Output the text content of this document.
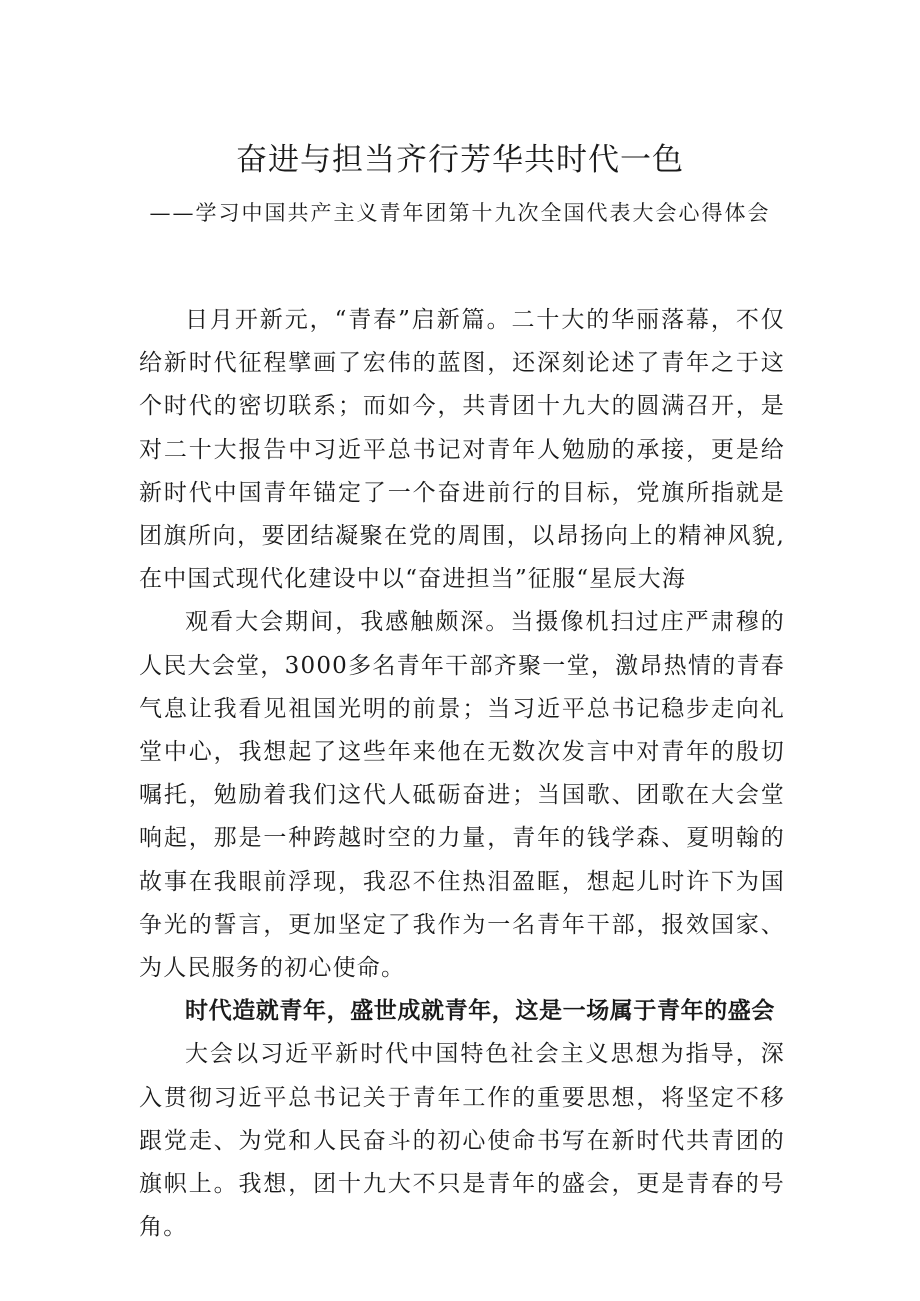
奋进与担当齐行芳华共时代一色
——学习中国共产主义青年团第十九次全国代表大会心得体会

日月开新元，“青春”启新篇。二十大的华丽落幕，不仅给新时代征程擘画了宏伟的蓝图，还深刻论述了青年之于这个时代的密切联系；而如今，共青团十九大的圆满召开，是对二十大报告中习近平总书记对青年人勉励的承接，更是给新时代中国青年锚定了一个奋进前行的目标，党旗所指就是团旗所向，要团结凝聚在党的周围，以昂扬向上的精神风貌,在中国式现代化建设中以“奋进担当”征服“星辰大海

观看大会期间，我感触颇深。当摄像机扫过庄严肃穆的人民大会堂，3000多名青年干部齐聚一堂，激昂热情的青春气息让我看见祖国光明的前景；当习近平总书记稳步走向礼堂中心，我想起了这些年来他在无数次发言中对青年的殷切嘱托，勉励着我们这代人砥砺奋进；当国歌、团歌在大会堂响起，那是一种跨越时空的力量，青年的钱学森、夏明翰的故事在我眼前浮现，我忍不住热泪盈眶，想起儿时许下为国争光的誓言，更加坚定了我作为一名青年干部，报效国家、为人民服务的初心使命。

时代造就青年，盛世成就青年，这是一场属于青年的盛会

大会以习近平新时代中国特色社会主义思想为指导，深入贯彻习近平总书记关于青年工作的重要思想，将坚定不移跟党走、为党和人民奋斗的初心使命书写在新时代共青团的旗帜上。我想，团十九大不只是青年的盛会，更是青春的号角。
